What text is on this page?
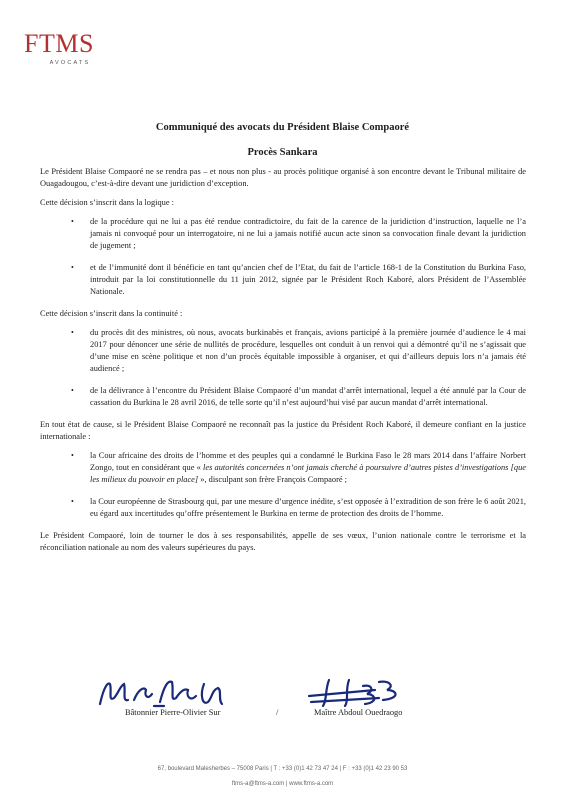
FTMS
AVOCATS
Communiqué des avocats du Président Blaise Compaoré
Procès Sankara

Le Président Blaise Compaoré ne se rendra pas – et nous non plus - au procès politique organisé à son encontre devant le Tribunal militaire de Ouagadougou, c’est-à-dire devant une juridiction d’exception.

Cette décision s’inscrit dans la logique :

• de la procédure qui ne lui a pas été rendue contradictoire, du fait de la carence de la juridiction d’instruction, laquelle ne l’a jamais ni convoqué pour un interrogatoire, ni ne lui a jamais notifié aucun acte sinon sa convocation finale devant la juridiction de jugement ;
• et de l’immunité dont il bénéficie en tant qu’ancien chef de l’Etat, du fait de l’article 168-1 de la Constitution du Burkina Faso, introduit par la loi constitutionnelle du 11 juin 2012, signée par le Président Roch Kaboré, alors Président de l’Assemblée Nationale.

Cette décision s’inscrit dans la continuité :

• du procès dit des ministres, où nous, avocats burkinabès et français, avions participé à la première journée d’audience le 4 mai 2017 pour dénoncer une série de nullités de procédure, lesquelles ont conduit à un renvoi qui a démontré qu’il ne s’agissait que d’une mise en scène politique et non d’un procès équitable impossible à organiser, et qui d’ailleurs depuis lors n’a jamais été audiencé ;
• de la délivrance à l’encontre du Président Blaise Compaoré d’un mandat d’arrêt international, lequel a été annulé par la Cour de cassation du Burkina le 28 avril 2016, de telle sorte qu’il n’est aujourd’hui visé par aucun mandat d’arrêt international.

En tout état de cause, si le Président Blaise Compaoré ne reconnaît pas la justice du Président Roch Kaboré, il demeure confiant en la justice internationale :

• la Cour africaine des droits de l’homme et des peuples qui a condamné le Burkina Faso le 28 mars 2014 dans l’affaire Norbert Zongo, tout en considérant que « les autorités concernées n’ont jamais cherché à poursuivre d’autres pistes d’investigations [que les milieux du pouvoir en place] », disculpant son frère François Compaoré ;
• la Cour européenne de Strasbourg qui, par une mesure d’urgence inédite, s’est opposée à l’extradition de son frère le 6 août 2021, eu égard aux incertitudes qu’offre présentement le Burkina en terme de protection des droits de l’homme.

Le Président Compaoré, loin de tourner le dos à ses responsabilités, appelle de ses vœux, l’union nationale contre le terrorisme et la réconciliation nationale au nom des valeurs supérieures du pays.

Bâtonnier Pierre-Olivier Sur	/	Maître Abdoul Ouedraogo
67, boulevard Malesherbes – 75008 Paris | T : +33 (0)1 42 73 47 24 | F : +33 (0)1 42 23 90 53
ftms-a@ftms-a.com | www.ftms-a.com
